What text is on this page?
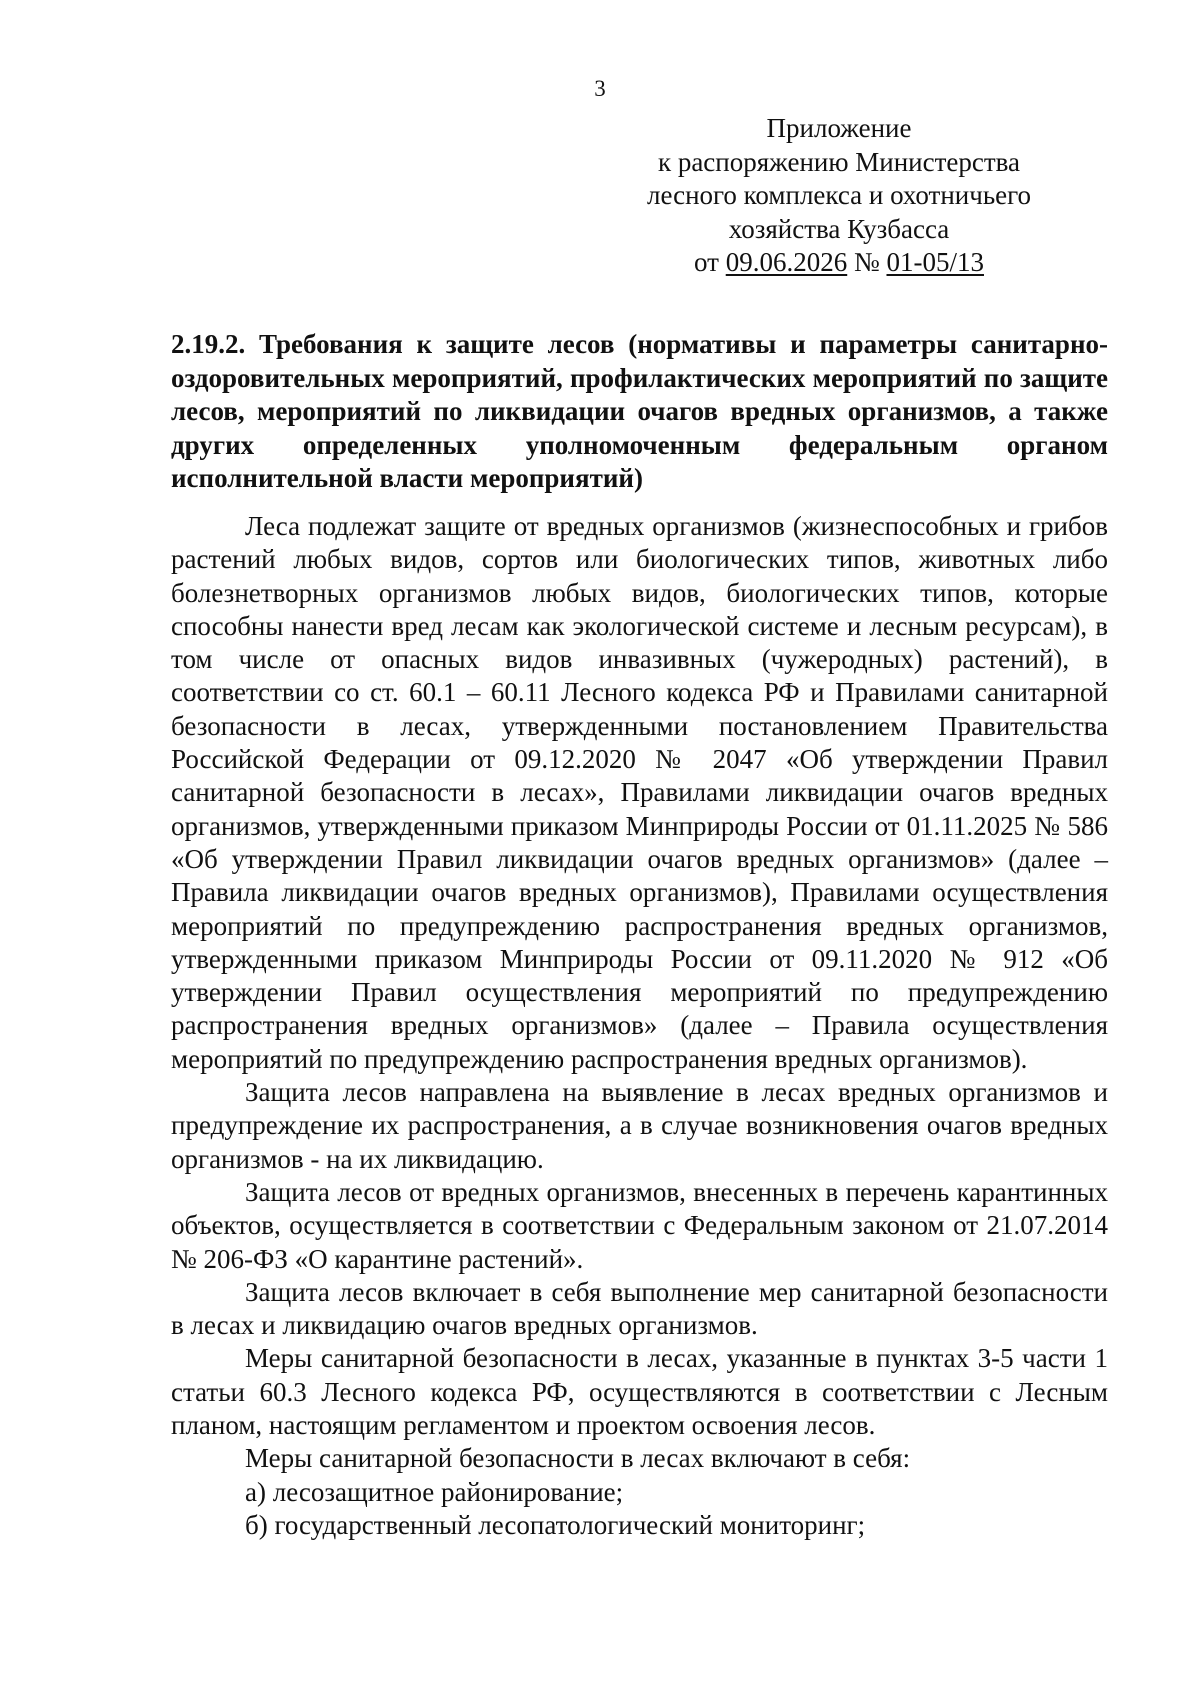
3
Приложение
к распоряжению Министерства
лесного комплекса и охотничьего
хозяйства Кузбасса
от 09.06.2026 № 01-05/13

2.19.2. Требования к защите лесов (нормативы и параметры санитарно-оздоровительных мероприятий, профилактических мероприятий по защите лесов, мероприятий по ликвидации очагов вредных организмов, а также других определенных уполномоченным федеральным органом исполнительной власти мероприятий)

Леса подлежат защите от вредных организмов (жизнеспособных и грибов растений любых видов, сортов или биологических типов, животных либо болезнетворных организмов любых видов, биологических типов, которые способны нанести вред лесам как экологической системе и лесным ресурсам), в том числе от опасных видов инвазивных (чужеродных) растений), в соответствии со ст. 60.1 – 60.11 Лесного кодекса РФ и Правилами санитарной безопасности в лесах, утвержденными постановлением Правительства Российской Федерации от 09.12.2020 № 2047 «Об утверждении Правил санитарной безопасности в лесах», Правилами ликвидации очагов вредных организмов, утвержденными приказом Минприроды России от 01.11.2025 № 586 «Об утверждении Правил ликвидации очагов вредных организмов» (далее – Правила ликвидации очагов вредных организмов), Правилами осуществления мероприятий по предупреждению распространения вредных организмов, утвержденными приказом Минприроды России от 09.11.2020 № 912 «Об утверждении Правил осуществления мероприятий по предупреждению распространения вредных организмов» (далее – Правила осуществления мероприятий по предупреждению распространения вредных организмов).

Защита лесов направлена на выявление в лесах вредных организмов и предупреждение их распространения, а в случае возникновения очагов вредных организмов - на их ликвидацию.

Защита лесов от вредных организмов, внесенных в перечень карантинных объектов, осуществляется в соответствии с Федеральным законом от 21.07.2014 № 206-ФЗ «О карантине растений».

Защита лесов включает в себя выполнение мер санитарной безопасности в лесах и ликвидацию очагов вредных организмов.

Меры санитарной безопасности в лесах, указанные в пунктах 3-5 части 1 статьи 60.3 Лесного кодекса РФ, осуществляются в соответствии с Лесным планом, настоящим регламентом и проектом освоения лесов.

Меры санитарной безопасности в лесах включают в себя:

а) лесозащитное районирование;

б) государственный лесопатологический мониторинг;
